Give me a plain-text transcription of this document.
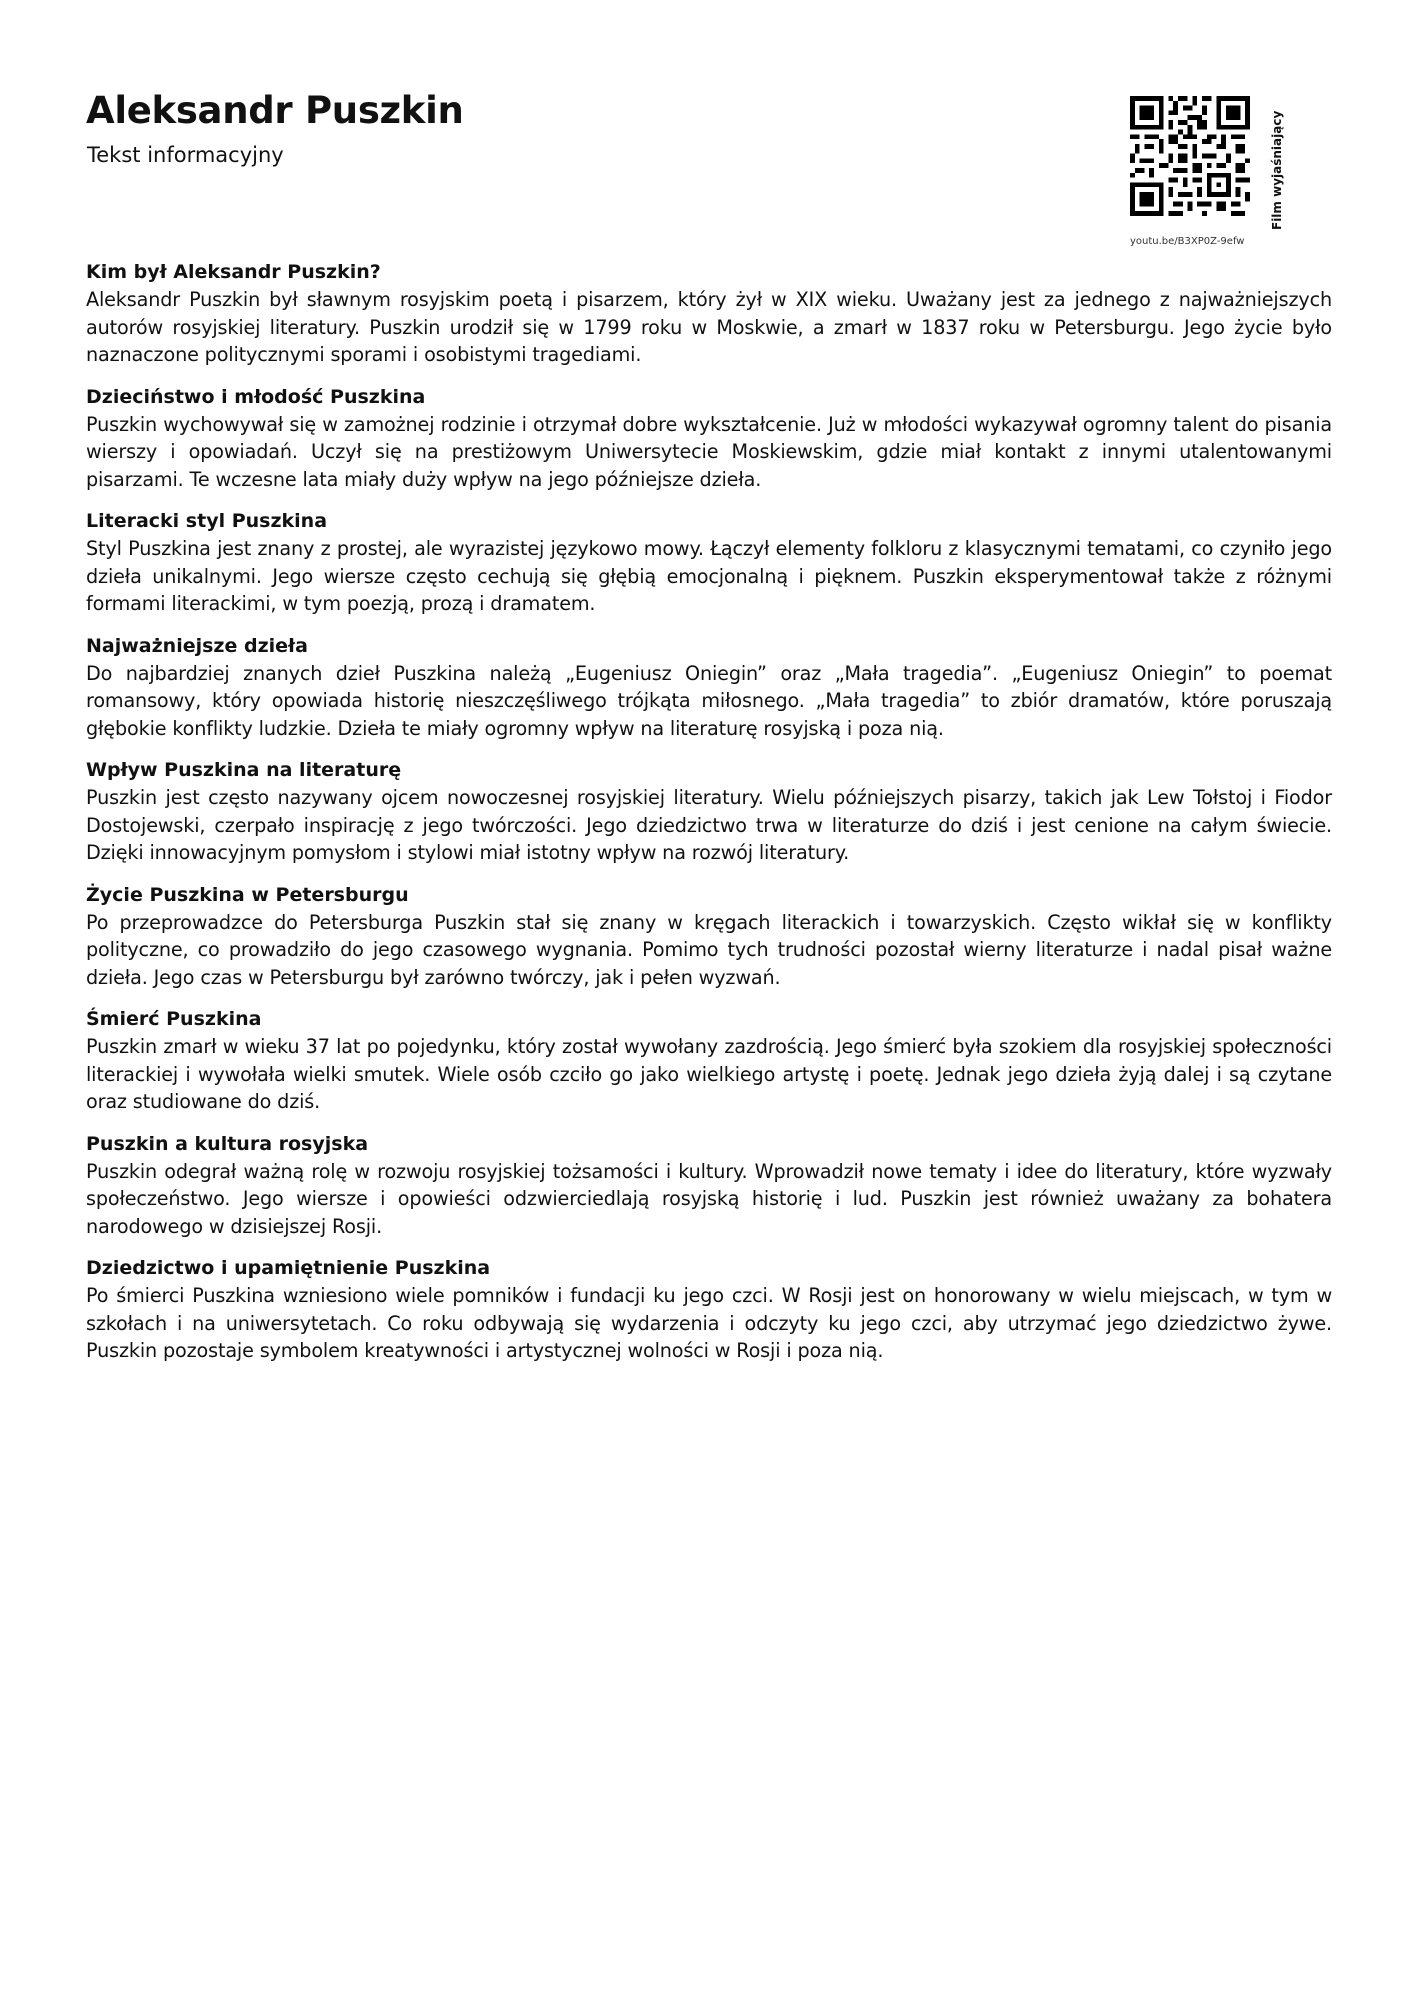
Aleksandr Puszkin

Tekst informacyjny	Film wyjaśniający
youtu.be/B3XP0Z-9efw
Kim był Aleksandr Puszkin?

Aleksandr Puszkin był sławnym rosyjskim poetą i pisarzem, który żył w XIX wieku. Uważany jest za jednego z najważniejszych autorów rosyjskiej literatury. Puszkin urodził się w 1799 roku w Moskwie, a zmarł w 1837 roku w Petersburgu. Jego życie było naznaczone politycznymi sporami i osobistymi tragediami.

Dzieciństwo i młodość Puszkina

Puszkin wychowywał się w zamożnej rodzinie i otrzymał dobre wykształcenie. Już w młodości wykazywał ogromny talent do pisania wierszy i opowiadań. Uczył się na prestiżowym Uniwersytecie Moskiewskim, gdzie miał kontakt z innymi utalentowanymi pisarzami. Te wczesne lata miały duży wpływ na jego późniejsze dzieła.

Literacki styl Puszkina

Styl Puszkina jest znany z prostej, ale wyrazistej językowo mowy. Łączył elementy folkloru z klasycznymi tematami, co czyniło jego dzieła unikalnymi. Jego wiersze często cechują się głębią emocjonalną i pięknem. Puszkin eksperymentował także z różnymi formami literackimi, w tym poezją, prozą i dramatem.

Najważniejsze dzieła

Do najbardziej znanych dzieł Puszkina należą „Eugeniusz Oniegin” oraz „Mała tragedia”. „Eugeniusz Oniegin” to poemat romansowy, który opowiada historię nieszczęśliwego trójkąta miłosnego. „Mała tragedia” to zbiór dramatów, które poruszają głębokie konflikty ludzkie. Dzieła te miały ogromny wpływ na literaturę rosyjską i poza nią.

Wpływ Puszkina na literaturę

Puszkin jest często nazywany ojcem nowoczesnej rosyjskiej literatury. Wielu późniejszych pisarzy, takich jak Lew Tołstoj i Fiodor Dostojewski, czerpało inspirację z jego twórczości. Jego dziedzictwo trwa w literaturze do dziś i jest cenione na całym świecie. Dzięki innowacyjnym pomysłom i stylowi miał istotny wpływ na rozwój literatury.

Życie Puszkina w Petersburgu

Po przeprowadzce do Petersburga Puszkin stał się znany w kręgach literackich i towarzyskich. Często wikłał się w konflikty polityczne, co prowadziło do jego czasowego wygnania. Pomimo tych trudności pozostał wierny literaturze i nadal pisał ważne dzieła. Jego czas w Petersburgu był zarówno twórczy, jak i pełen wyzwań.

Śmierć Puszkina

Puszkin zmarł w wieku 37 lat po pojedynku, który został wywołany zazdrością. Jego śmierć była szokiem dla rosyjskiej społeczności literackiej i wywołała wielki smutek. Wiele osób czciło go jako wielkiego artystę i poetę. Jednak jego dzieła żyją dalej i są czytane oraz studiowane do dziś.

Puszkin a kultura rosyjska

Puszkin odegrał ważną rolę w rozwoju rosyjskiej tożsamości i kultury. Wprowadził nowe tematy i idee do literatury, które wyzwały społeczeństwo. Jego wiersze i opowieści odzwierciedlają rosyjską historię i lud. Puszkin jest również uważany za bohatera narodowego w dzisiejszej Rosji.

Dziedzictwo i upamiętnienie Puszkina

Po śmierci Puszkina wzniesiono wiele pomników i fundacji ku jego czci. W Rosji jest on honorowany w wielu miejscach, w tym w szkołach i na uniwersytetach. Co roku odbywają się wydarzenia i odczyty ku jego czci, aby utrzymać jego dziedzictwo żywe. Puszkin pozostaje symbolem kreatywności i artystycznej wolności w Rosji i poza nią.
